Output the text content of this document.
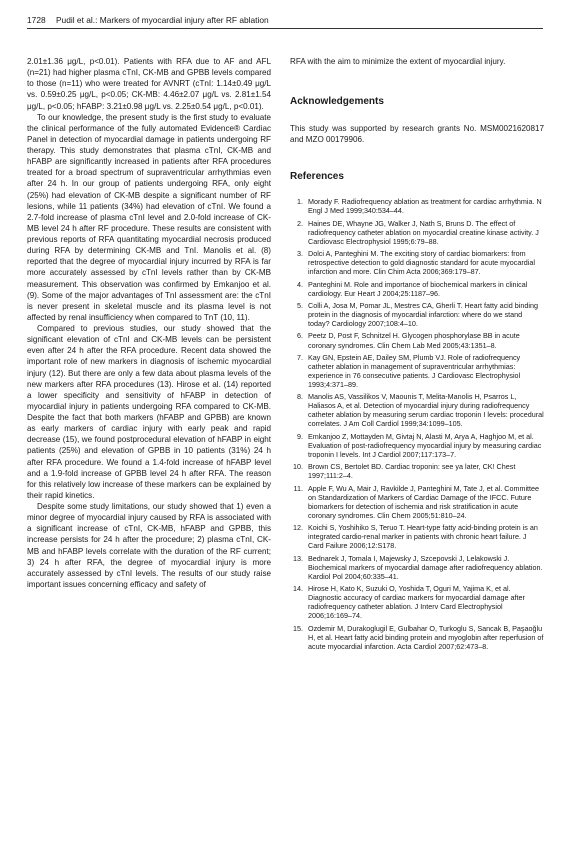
1728 Pudil et al.: Markers of myocardial injury after RF ablation

2.01±1.36 μg/L, p<0.01). Patients with RFA due to AF and AFL (n=21) had higher plasma cTnI, CK-MB and GPBB levels compared to those (n=11) who were treated for AVNRT (cTnI: 1.14±0.49 μg/L vs. 0.59±0.25 μg/L, p<0.05; CK-MB: 4.46±2.07 μg/L vs. 2.81±1.54 μg/L, p<0.05; hFABP: 3.21±0.98 μg/L vs. 2.25±0.54 μg/L, p<0.01).

To our knowledge, the present study is the first study to evaluate the clinical performance of the fully automated Evidence® Cardiac Panel in detection of myocardial damage in patients undergoing RF therapy. This study demonstrates that plasma cTnI, CK-MB and hFABP are significantly increased in patients after RFA procedures treated for a broad spectrum of supraventricular arrhythmias even after 24 h. In our group of patients undergoing RFA, only eight (25%) had elevation of CK-MB despite a significant number of RF lesions, while 11 patients (34%) had elevation of cTnI. We found a 2.7-fold increase of plasma cTnI level and 2.0-fold increase of CK-MB level 24 h after RF procedure. These results are consistent with previous reports of RFA quantitating myocardial necrosis produced during RFA by determining CK-MB and TnI. Manolis et al. (8) reported that the degree of myocardial injury incurred by RFA is far more accurately assessed by cTnI levels rather than by CK-MB measurement. This observation was confirmed by Emkanjoo et al. (9). Some of the major advantages of TnI assessment are: the cTnI is never present in skeletal muscle and its plasma level is not affected by renal insufficiency when compared to TnT (10, 11).

Compared to previous studies, our study showed that the significant elevation of cTnI and CK-MB levels can be persistent even after 24 h after the RFA procedure. Recent data showed the important role of new markers in diagnosis of ischemic myocardial injury (12). But there are only a few data about plasma levels of the new markers after RFA procedures (13). Hirose et al. (14) reported a lower specificity and sensitivity of hFABP in detection of myocardial injury in patients undergoing RFA compared to CK-MB. Despite the fact that both markers (hFABP and GPBB) are known as early markers of cardiac injury with early peak and rapid decrease (15), we found postprocedural elevation of hFABP in eight patients (25%) and elevation of GPBB in 10 patients (31%) 24 h after RFA procedure. We found a 1.4-fold increase of hFABP level and a 1.9-fold increase of GPBB level 24 h after RFA. The reason for this relatively low increase of these markers can be explained by their rapid kinetics.

Despite some study limitations, our study showed that 1) even a minor degree of myocardial injury caused by RFA is associated with a significant increase of cTnI, CK-MB, hFABP and GPBB, this increase persists for 24 h after the procedure; 2) plasma cTnI, CK-MB and hFABP levels correlate with the duration of the RF current; 3) 24 h after RFA, the degree of myocardial injury is more accurately assessed by cTnI levels. The results of our study raise important issues concerning efficacy and safety of

RFA with the aim to minimize the extent of myocardial injury.

Acknowledgements

This study was supported by research grants No. MSM0021620817 and MZO 00179906.

References
1. Morady F. Radiofrequency ablation as treatment for cardiac arrhythmia. N Engl J Med 1999;340:534–44.
2. Haines DE, Whayne JG, Walker J, Nath S, Bruns D. The effect of radiofrequency catheter ablation on myocardial creatine kinase activity. J Cardiovasc Electrophysiol 1995;6:79–88.
3. Dolci A, Panteghini M. The exciting story of cardiac biomarkers: from retrospective detection to gold diagnostic standard for acute myocardial infarction and more. Clin Chim Acta 2006;369:179–87.
4. Panteghini M. Role and importance of biochemical markers in clinical cardiology. Eur Heart J 2004;25:1187–96.
5. Colli A, Josa M, Pomar JL, Mestres CA, Gherli T. Heart fatty acid binding protein in the diagnosis of myocardial infarction: where do we stand today? Cardiology 2007;108:4–10.
6. Peetz D, Post F, Schnitzel H. Glycogen phosphorylase BB in acute coronary syndromes. Clin Chem Lab Med 2005;43:1351–8.
7. Kay GN, Epstein AE, Dailey SM, Plumb VJ. Role of radiofrequency catheter ablation in management of supraventricular arrhythmias: experience in 76 consecutive patients. J Cardiovasc Electrophysiol 1993;4:371–89.
8. Manolis AS, Vassilikos V, Maounis T, Melita-Manolis H, Psarros L, Haliasos A, et al. Detection of myocardial injury during radiofrequency catheter ablation by measuring serum cardiac troponin I levels: procedural correlates. J Am Coll Cardiol 1999;34:1099–105.
9. Emkanjoo Z, Mottayden M, Givtaj N, Alasti M, Arya A, Haghjoo M, et al. Evaluation of post-radiofrequency myocardial injury by measuring cardiac troponin I levels. Int J Cardiol 2007;117:173–7.
10. Brown CS, Bertolet BD. Cardiac troponin: see ya later, CK! Chest 1997;111:2–4.
11. Apple F, Wu A, Mair J, Ravkilde J, Panteghini M, Tate J, et al. Committee on Standardization of Markers of Cardiac Damage of the IFCC. Future biomarkers for detection of ischemia and risk stratification in acute coronary syndromes. Clin Chem 2005;51:810–24.
12. Koichi S, Yoshihiko S, Teruo T. Heart-type fatty acid-binding protein is an integrated cardio-renal marker in patients with chronic heart failure. J Card Failure 2006;12:S178.
13. Bednarek J, Tomala I, Majewsky J, Szcepovski J, Lelakowski J. Biochemical markers of myocardial damage after radiofrequency ablation. Kardiol Pol 2004;60:335–41.
14. Hirose H, Kato K, Suzuki O, Yoshida T, Oguri M, Yajima K, et al. Diagnostic accuracy of cardiac markers for myocardial damage after radiofrequency catheter ablation. J Interv Card Electrophysiol 2006;16:169–74.
15. Ozdemir M, Durakoglugil E, Gulbahar O, Turkoglu S, Sancak B, Paşaoğlu H, et al. Heart fatty acid binding protein and myoglobin after reperfusion of acute myocardial infarction. Acta Cardiol 2007;62:473–8.
